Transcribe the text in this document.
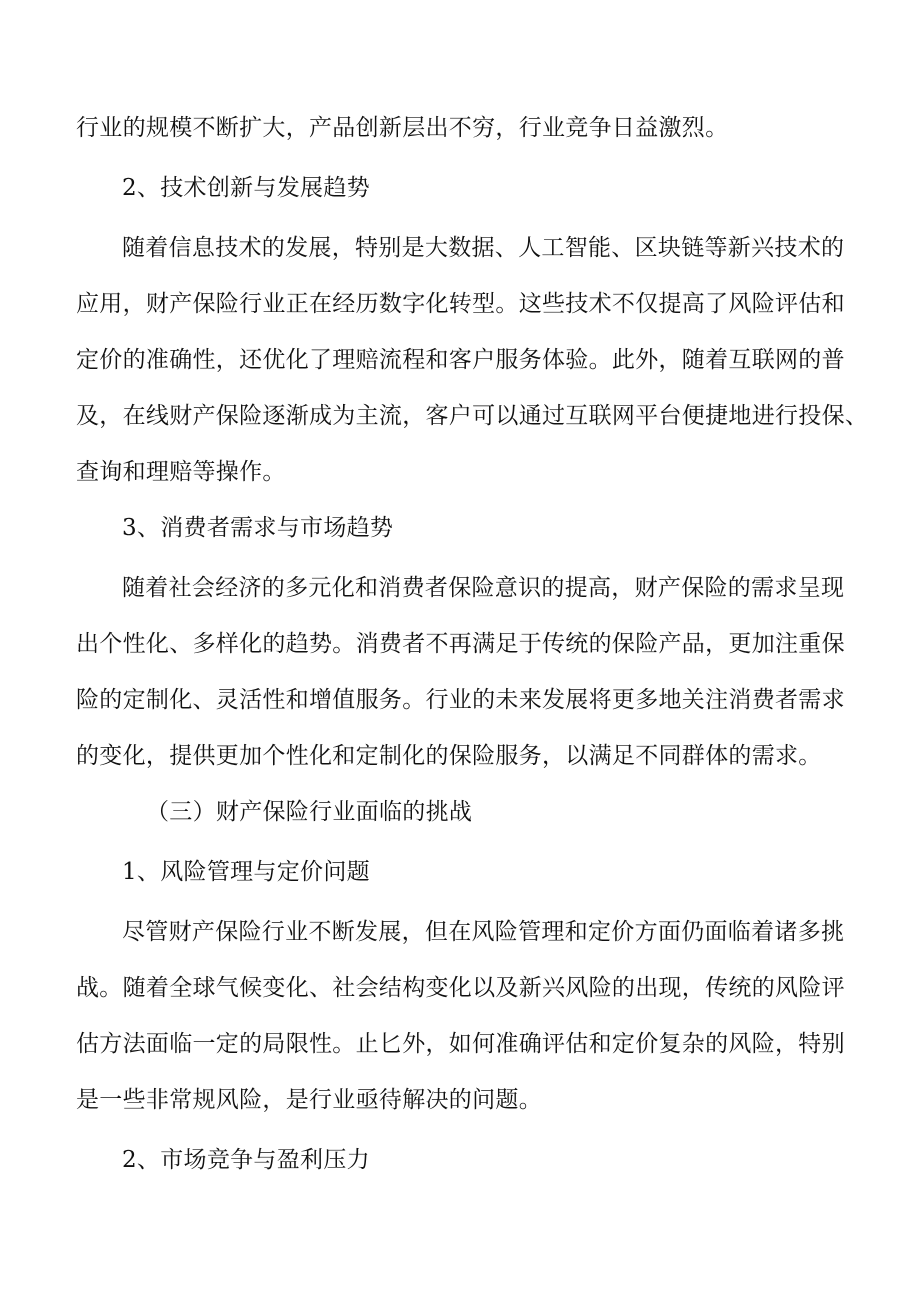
行业的规模不断扩大，产品创新层出不穷，行业竞争日益激烈。
2、技术创新与发展趋势
随着信息技术的发展，特别是大数据、人工智能、区块链等新兴技术的
应用，财产保险行业正在经历数字化转型。这些技术不仅提高了风险评估和
定价的准确性，还优化了理赔流程和客户服务体验。此外，随着互联网的普
及，在线财产保险逐渐成为主流，客户可以通过互联网平台便捷地进行投保、
查询和理赔等操作。
3、消费者需求与市场趋势
随着社会经济的多元化和消费者保险意识的提高，财产保险的需求呈现
出个性化、多样化的趋势。消费者不再满足于传统的保险产品，更加注重保
险的定制化、灵活性和增值服务。行业的未来发展将更多地关注消费者需求
的变化，提供更加个性化和定制化的保险服务，以满足不同群体的需求。
（三）财产保险行业面临的挑战
1、风险管理与定价问题
尽管财产保险行业不断发展，但在风险管理和定价方面仍面临着诸多挑
战。随着全球气候变化、社会结构变化以及新兴风险的出现，传统的风险评
估方法面临一定的局限性。止匕外，如何准确评估和定价复杂的风险，特别
是一些非常规风险，是行业亟待解决的问题。
2、市场竞争与盈利压力
